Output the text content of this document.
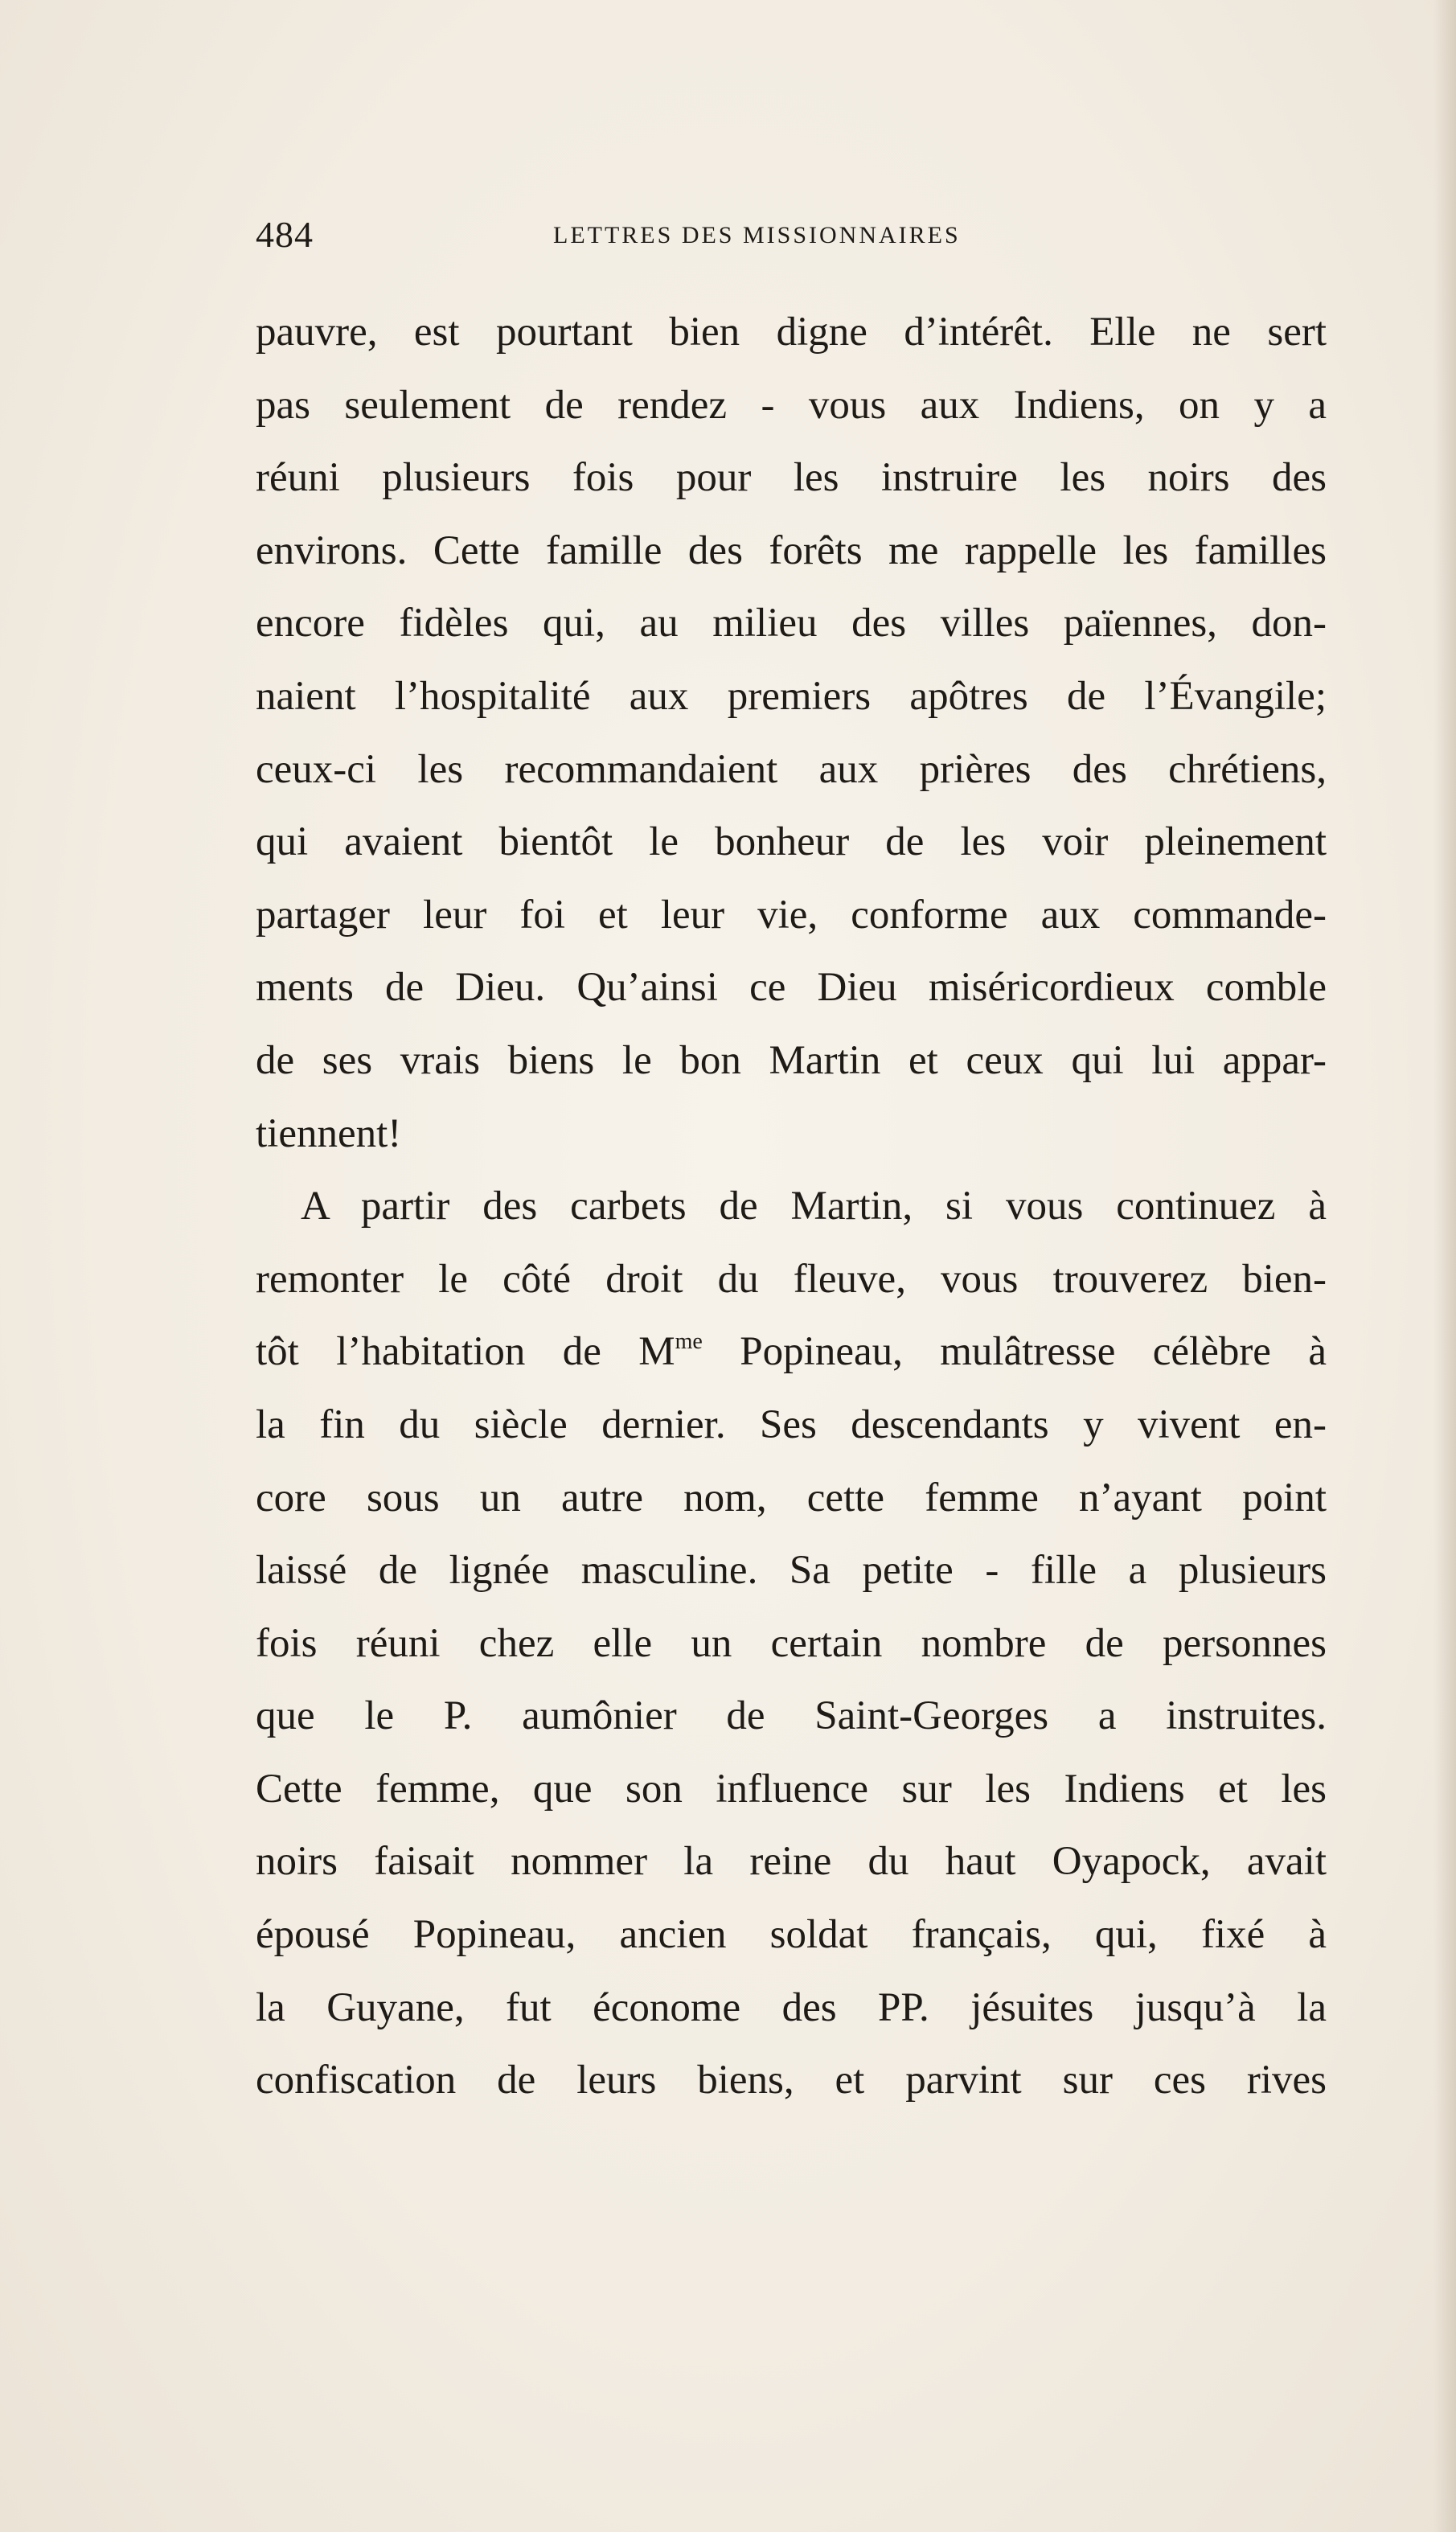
484	LETTRES DES MISSIONNAIRES
pauvre, est pourtant bien digne d’intérêt. Elle ne sert
pas seulement de rendez - vous aux Indiens, on y a
réuni plusieurs fois pour les instruire les noirs des
environs. Cette famille des forêts me rappelle les familles
encore fidèles qui, au milieu des villes païennes, don-
naient l’hospitalité aux premiers apôtres de l’Évangile;
ceux-ci les recommandaient aux prières des chrétiens,
qui avaient bientôt le bonheur de les voir pleinement
partager leur foi et leur vie, conforme aux commande-
ments de Dieu. Qu’ainsi ce Dieu miséricordieux comble
de ses vrais biens le bon Martin et ceux qui lui appar-
tiennent!
A partir des carbets de Martin, si vous continuez à
remonter le côté droit du fleuve, vous trouverez bien-
tôt l’habitation de $M^{me}$ Popineau, mulâtresse célèbre à
la fin du siècle dernier. Ses descendants y vivent en-
core sous un autre nom, cette femme n’ayant point
laissé de lignée masculine. Sa petite - fille a plusieurs
fois réuni chez elle un certain nombre de personnes
que le P. aumônier de Saint-Georges a instruites.
Cette femme, que son influence sur les Indiens et les
noirs faisait nommer la reine du haut Oyapock, avait
épousé Popineau, ancien soldat français, qui, fixé à
la Guyane, fut économe des PP. jésuites jusqu’à la
confiscation de leurs biens, et parvint sur ces rives
